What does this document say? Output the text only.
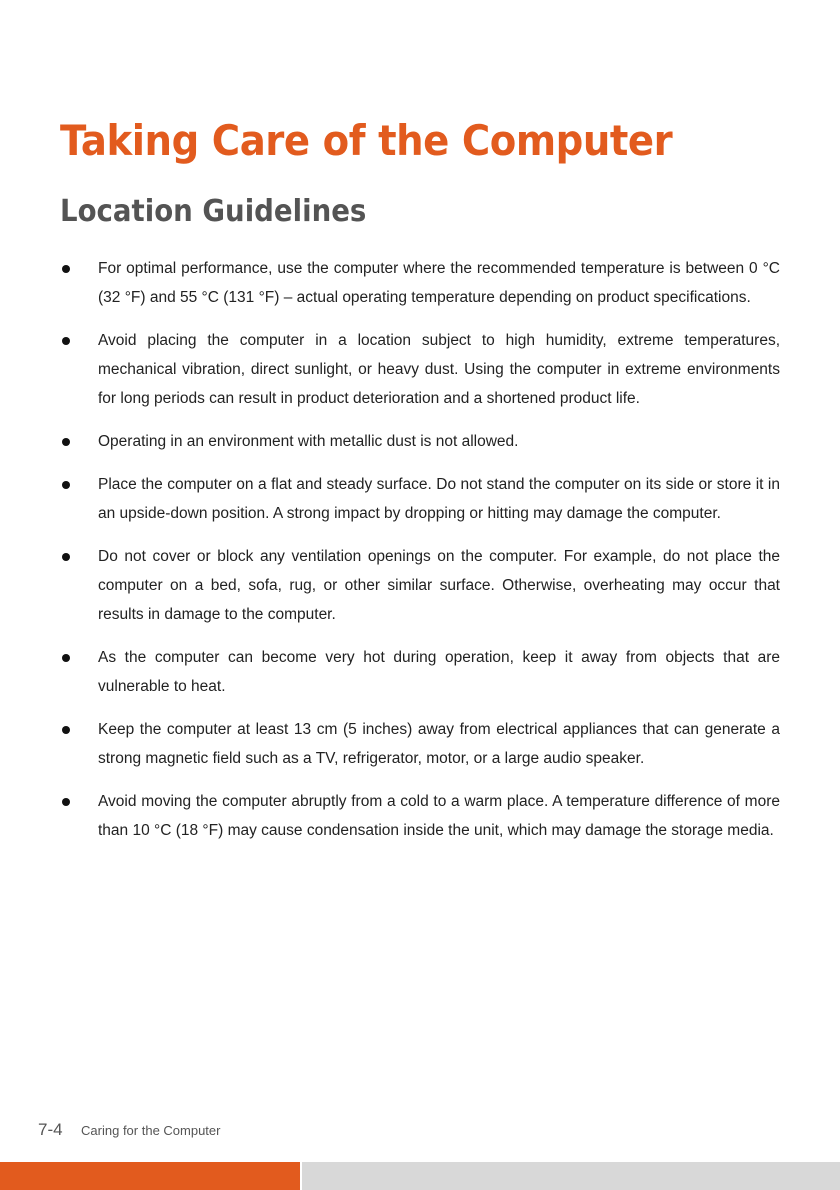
Taking Care of the Computer
Location Guidelines
For optimal performance, use the computer where the recommended temperature is between 0 °C (32 °F) and 55 °C (131 °F) – actual operating temperature depending on product specifications.
Avoid placing the computer in a location subject to high humidity, extreme temperatures, mechanical vibration, direct sunlight, or heavy dust. Using the computer in extreme environments for long periods can result in product deterioration and a shortened product life.
Operating in an environment with metallic dust is not allowed.
Place the computer on a flat and steady surface. Do not stand the computer on its side or store it in an upside-down position. A strong impact by dropping or hitting may damage the computer.
Do not cover or block any ventilation openings on the computer. For example, do not place the computer on a bed, sofa, rug, or other similar surface. Otherwise, overheating may occur that results in damage to the computer.
As the computer can become very hot during operation, keep it away from objects that are vulnerable to heat.
Keep the computer at least 13 cm (5 inches) away from electrical appliances that can generate a strong magnetic field such as a TV, refrigerator, motor, or a large audio speaker.
Avoid moving the computer abruptly from a cold to a warm place. A temperature difference of more than 10 °C (18 °F) may cause condensation inside the unit, which may damage the storage media.
7-4 Caring for the Computer
